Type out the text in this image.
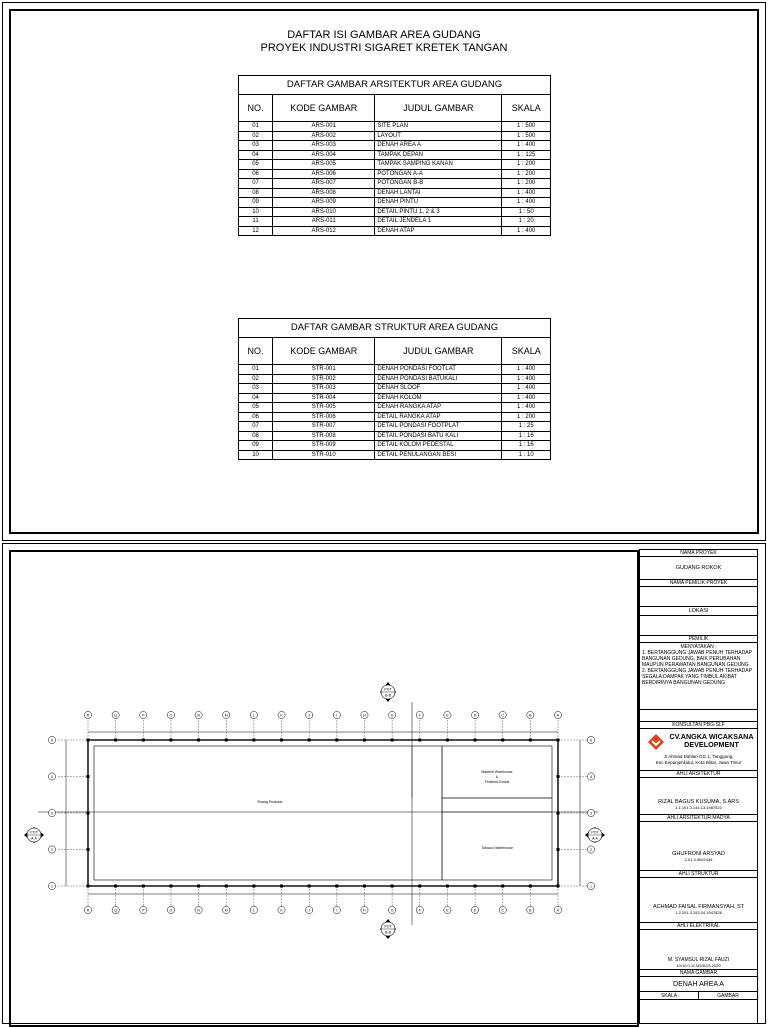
DAFTAR ISI GAMBAR AREA GUDANG
PROYEK INDUSTRI SIGARET KRETEK TANGAN
DAFTAR GAMBAR ARSITEKTUR AREA GUDANG			
NO.	KODE GAMBAR	JUDUL GAMBAR	SKALA
01	ARS-001	SITE PLAN	1 : 500
02	ARS-002	LAYOUT	1 : 500
03	ARS-003	DENAH AREA A	1 : 400
04	ARS-004	TAMPAK DEPAN	1 : 125
05	ARS-005	TAMPAK SAMPING KANAN	1 : 200
06	ARS-006	POTONGAN A-A	1 : 200
07	ARS-007	POTONGAN B-B	1 : 200
08	ARS-008	DENAH LANTAI	1 : 400
09	ARS-009	DENAH PINTU	1 : 400
10	ARS-010	DETAIL PINTU 1, 2 & 3	1 : 50
11	ARS-011	DETAIL JENDELA 1	1 : 20
12	ARS-012	DENAH ATAP	1 : 400
DAFTAR GAMBAR STRUKTUR AREA GUDANG			
NO.	KODE GAMBAR	JUDUL GAMBAR	SKALA
01	STR-001	DENAH PONDASI FOOTLAT	1 : 400
02	STR-002	DENAH PONDASI BATUKALI	1 : 400
03	STR-003	DENAH SLOOF	1 : 400
04	STR-004	DENAH KOLOM	1 : 400
05	STR-005	DENAH RANGKA ATAP	1 : 400
06	STR-006	DETAIL RANGKA ATAP	1 : 200
07	STR-007	DETAIL PONDASI FOOTPLAT	1 : 25
08	STR-008	DETAIL PONDASI BATU KALI	1 : 16
09	STR-009	DETAIL KOLOM PEDESTAL	1 : 16
10	STR-010	DETAIL PENULANGAN BESI	1 : 10
R
R
Q
Q
P
P
O
O
N
N
M
M
L
L
K
K
J
J
I
I
H
H
G
G
F
F
E
E
D
D
C
C
B
B
A
A
6	6
4	4
3	3
2	2
1	1
Ruang Produksi
Material Warehouse
&
Finished Goods
Tobacco Warehouse
POT
B-B
POT
B-B
POT
A-A
POT
A-A
NAMA PROYEK
GUDANG ROKOK
NAMA PEMILIK PROYEK
LOKASI
PEMILIK
MENYATAKAN :
1. BERTANGGUNG JAWAB PENUH TERHADAP BANGUNAN GEDUNG, BAIK PERUBAHAN MAUPUN PERAWATAN BANGUNAN GEDUNG
2. BERTANGGUNG JAWAB PENUH TERHADAP SEGALA DAMPAK YANG TIMBUL AKIBAT BERDIRINYA BANGUNAN GEDUNG
KONSULTAN PBG-SLF
CV.ANGKA WICAKSANA
DEVELOPMENT
Jl.Ahmad Dahlan GG.1, Tanggung,
Kec.Kepanjenkidul, Kota Blitar, Jawa Timur
AHLI ARSITEKTUR
RIZAL BAGUS KUSUMA, S.ARS
1.1.101.3.144.13.1987522
AHLI ARSITEKTUR MADYA
GHUFRONI ARSYAD
2.01.3.0002446
AHLI STRUKTUR
ACHMAD FAISAL FIRMANSYAH, ST
1.2.201.3.153.04.1947826
AHLI ELEKTRIKAL
M. SYAMSUL RIZAL FAUZI
10/10.0.11.M2/8.03.2020
NAMA GAMBAR
DENAH AREA A
SKALA	GAMBAR
